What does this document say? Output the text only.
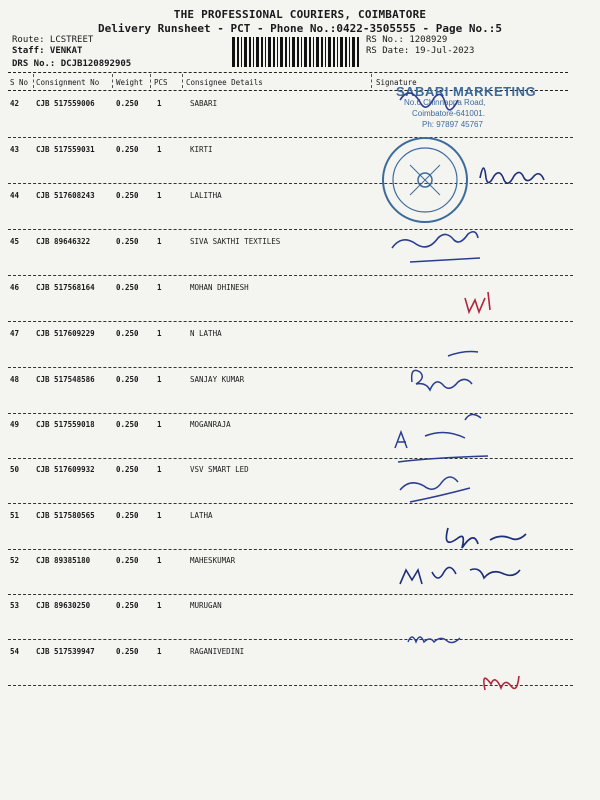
THE PROFESSIONAL COURIERS, COIMBATORE
Delivery Runsheet - PCT - Phone No.:0422-3505555 - Page No.:5
Route: LCSTREET
Staff: VENKAT
DRS No.: DCJB120892905
RS No.: 1208929
RS Date: 19-Jul-2023
S No Consignment No Weight PCS Consignee Details	Signature
42 CJB 517559006	0.250 1	SABARI
43 CJB 517559031	0.250 1	KIRTI
44 CJB 517608243	0.250 1	LALITHA
45 CJB 89646322	0.250 1	SIVA SAKTHI TEXTILES
46 CJB 517568164	0.250 1	MOHAN DHINESH
47 CJB 517609229	0.250 1	N LATHA
48 CJB 517548586	0.250 1	SANJAY KUMAR
49 CJB 517559018	0.250 1	MOGANRAJA
50 CJB 517609932	0.250 1	VSV SMART LED
51 CJB 517580565	0.250 1	LATHA
52 CJB 89385180	0.250 1	MAHESKUMAR
53 CJB 89630250	0.250 1	MURUGAN
54 CJB 517539947	0.250 1	RAGANIVEDINI
SABARI MARKETING
No.6,Chinnappa Road,
Coimbatore-641001.
Ph: 97897 45767
